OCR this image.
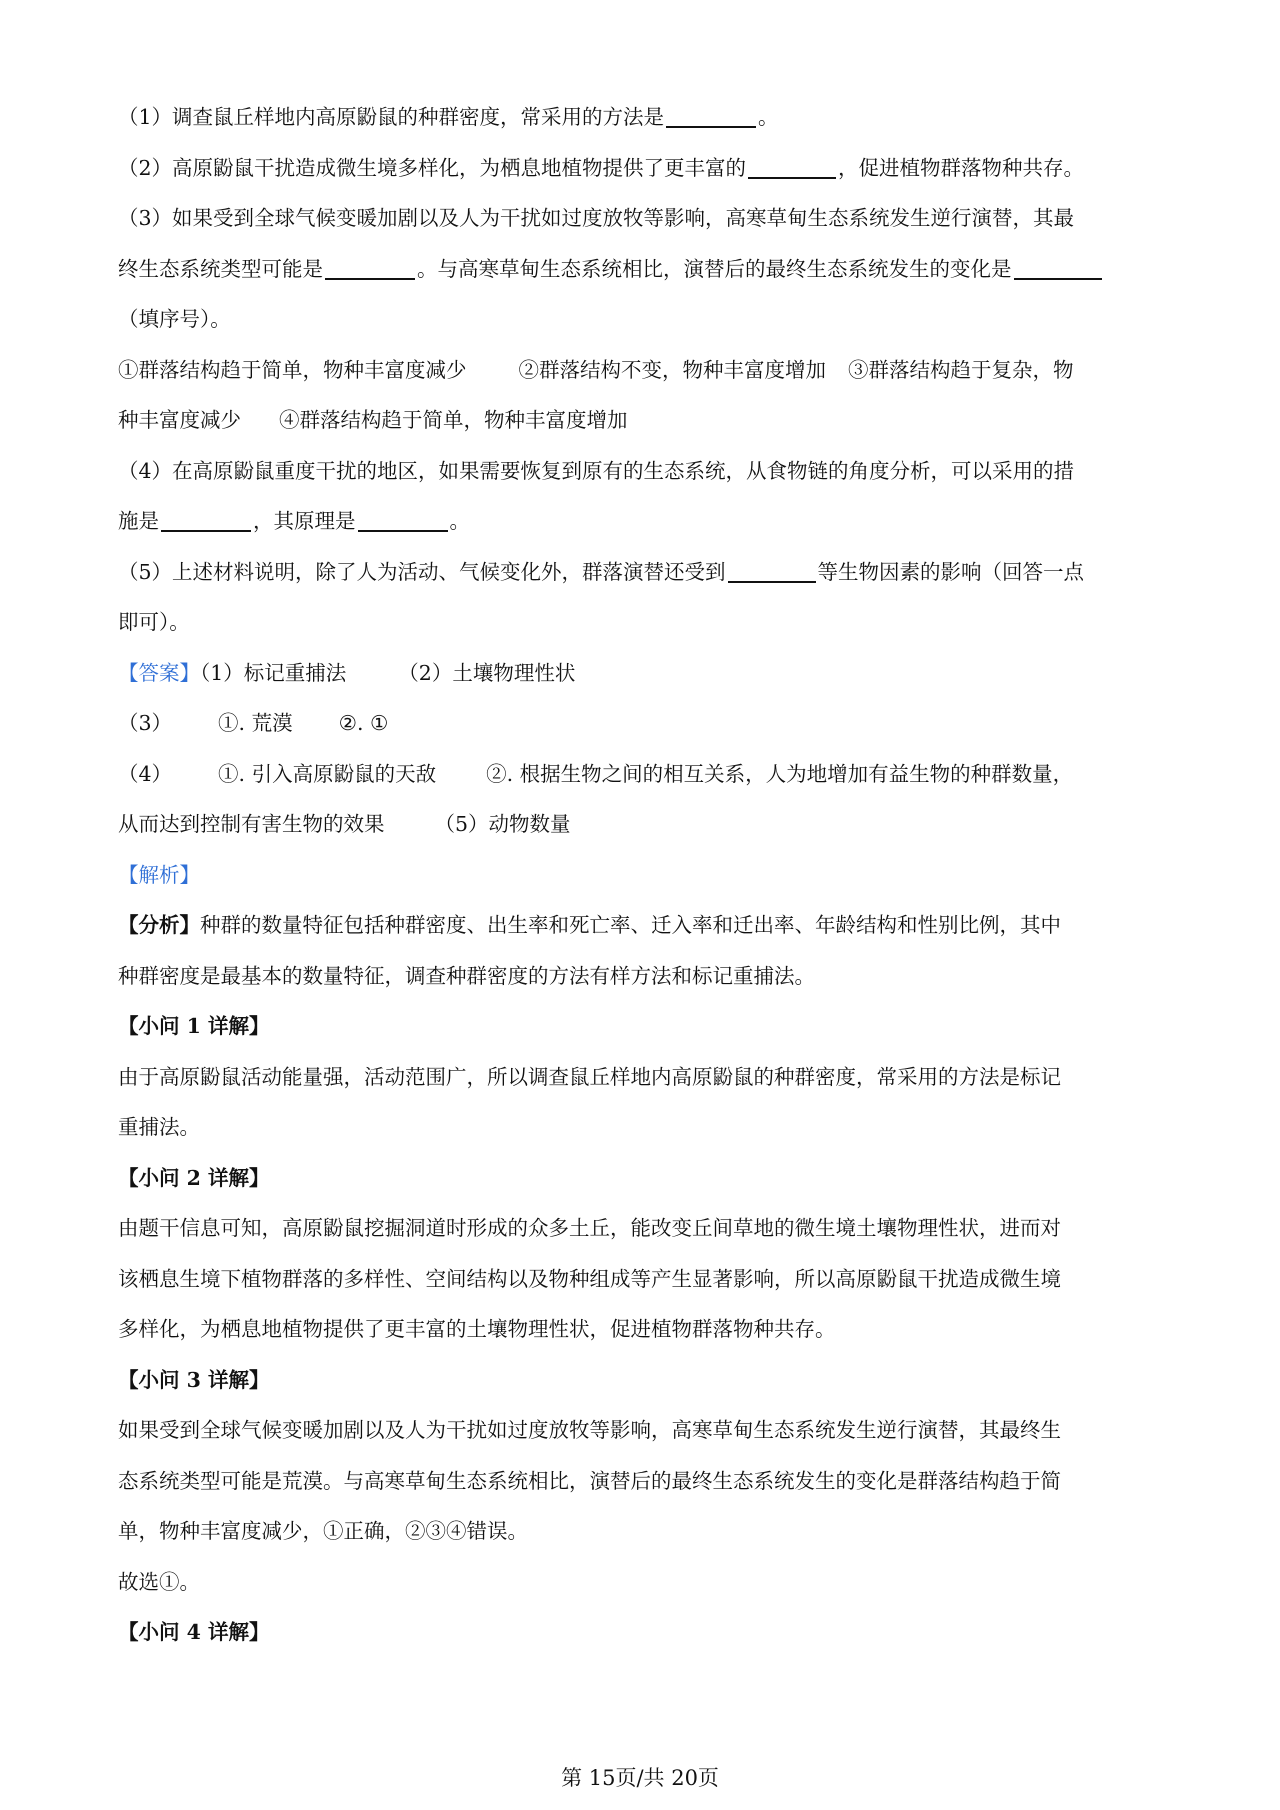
（1）调查鼠丘样地内高原鼢鼠的种群密度，常采用的方法是	。
（2）高原鼢鼠干扰造成微生境多样化，为栖息地植物提供了更丰富的	，促进植物群落物种共存。
（3）如果受到全球气候变暖加剧以及人为干扰如过度放牧等影响，高寒草甸生态系统发生逆行演替，其最
终生态系统类型可能是	。与高寒草甸生态系统相比，演替后的最终生态系统发生的变化是
（填序号）。
①群落结构趋于简单，物种丰富度减少	②群落结构不变，物种丰富度增加 ③群落结构趋于复杂，物
种丰富度减少 ④群落结构趋于简单，物种丰富度增加
（4）在高原鼢鼠重度干扰的地区，如果需要恢复到原有的生态系统，从食物链的角度分析，可以采用的措
施是	，其原理是	。
（5）上述材料说明，除了人为活动、气候变化外，群落演替还受到	等生物因素的影响（回答一点
即可）。
【答案】（1）标记重捕法	（2）土壤物理性状
（3） ①. 荒漠 ②. ①
（4） ①. 引入高原鼢鼠的天敌 ②. 根据生物之间的相互关系，人为地增加有益生物的种群数量，
从而达到控制有害生物的效果 （5）动物数量
【解析】
【分析】种群的数量特征包括种群密度、出生率和死亡率、迁入率和迁出率、年龄结构和性别比例，其中
种群密度是最基本的数量特征，调查种群密度的方法有样方法和标记重捕法。
【小问 1 详解】
由于高原鼢鼠活动能量强，活动范围广，所以调查鼠丘样地内高原鼢鼠的种群密度，常采用的方法是标记
重捕法。
【小问 2 详解】
由题干信息可知，高原鼢鼠挖掘洞道时形成的众多土丘，能改变丘间草地的微生境土壤物理性状，进而对
该栖息生境下植物群落的多样性、空间结构以及物种组成等产生显著影响，所以高原鼢鼠干扰造成微生境
多样化，为栖息地植物提供了更丰富的土壤物理性状，促进植物群落物种共存。
【小问 3 详解】
如果受到全球气候变暖加剧以及人为干扰如过度放牧等影响，高寒草甸生态系统发生逆行演替，其最终生
态系统类型可能是荒漠。与高寒草甸生态系统相比，演替后的最终生态系统发生的变化是群落结构趋于简
单，物种丰富度减少，①正确，②③④错误。
故选①。
【小问 4 详解】
第 15页/共 20页
